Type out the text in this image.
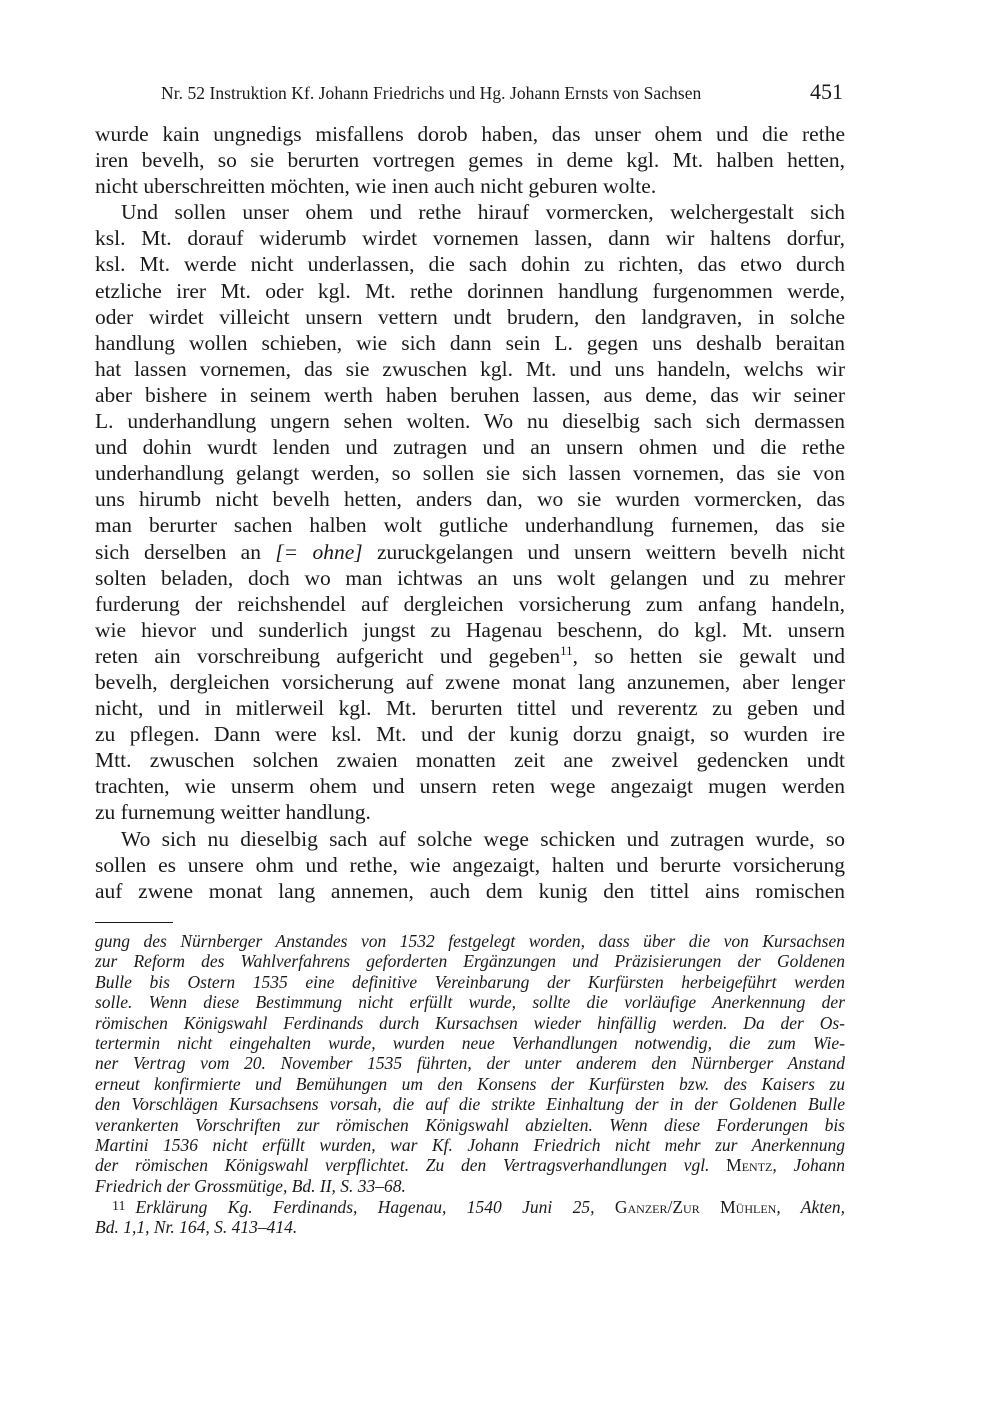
Nr. 52 Instruktion Kf. Johann Friedrichs und Hg. Johann Ernsts von Sachsen	451
wurde kain ungnedigs misfallens dorob haben, das unser ohem und die rethe
iren bevelh, so sie berurten vortregen gemes in deme kgl. Mt. halben hetten,
nicht uberschreitten möchten, wie inen auch nicht geburen wolte.
Und sollen unser ohem und rethe hirauf vormercken, welchergestalt sich
ksl. Mt. dorauf widerumb wirdet vornemen lassen, dann wir haltens dorfur,
ksl. Mt. werde nicht underlassen, die sach dohin zu richten, das etwo durch
etzliche irer Mt. oder kgl. Mt. rethe dorinnen handlung furgenommen werde,
oder wirdet villeicht unsern vettern undt brudern, den landgraven, in solche
handlung wollen schieben, wie sich dann sein L. gegen uns deshalb beraitan
hat lassen vornemen, das sie zwuschen kgl. Mt. und uns handeln, welchs wir
aber bishere in seinem werth haben beruhen lassen, aus deme, das wir seiner
L. underhandlung ungern sehen wolten. Wo nu dieselbig sach sich dermassen
und dohin wurdt lenden und zutragen und an unsern ohmen und die rethe
underhandlung gelangt werden, so sollen sie sich lassen vornemen, das sie von
uns hirumb nicht bevelh hetten, anders dan, wo sie wurden vormercken, das
man berurter sachen halben wolt gutliche underhandlung furnemen, das sie
sich derselben an [= ohne] zuruckgelangen und unsern weittern bevelh nicht
solten beladen, doch wo man ichtwas an uns wolt gelangen und zu mehrer
furderung der reichshendel auf dergleichen vorsicherung zum anfang handeln,
wie hievor und sunderlich jungst zu Hagenau beschenn, do kgl. Mt. unsern
reten ain vorschreibung aufgericht und gegeben$^{11}$, so hetten sie gewalt und
bevelh, dergleichen vorsicherung auf zwene monat lang anzunemen, aber lenger
nicht, und in mitlerweil kgl. Mt. berurten tittel und reverentz zu geben und
zu pflegen. Dann were ksl. Mt. und der kunig dorzu gnaigt, so wurden ire
Mtt. zwuschen solchen zwaien monatten zeit ane zweivel gedencken undt
trachten, wie unserm ohem und unsern reten wege angezaigt mugen werden
zu furnemung weitter handlung.
Wo sich nu dieselbig sach auf solche wege schicken und zutragen wurde, so
sollen es unsere ohm und rethe, wie angezaigt, halten und berurte vorsicherung
auf zwene monat lang annemen, auch dem kunig den tittel ains romischen
gung des Nürnberger Anstandes von 1532 festgelegt worden, dass über die von Kursachsen
zur Reform des Wahlverfahrens geforderten Ergänzungen und Präzisierungen der Goldenen
Bulle bis Ostern 1535 eine definitive Vereinbarung der Kurfürsten herbeigeführt werden
solle. Wenn diese Bestimmung nicht erfüllt wurde, sollte die vorläufige Anerkennung der
römischen Königswahl Ferdinands durch Kursachsen wieder hinfällig werden. Da der Os-
tertermin nicht eingehalten wurde, wurden neue Verhandlungen notwendig, die zum Wie-
ner Vertrag vom 20. November 1535 führten, der unter anderem den Nürnberger Anstand
erneut konfirmierte und Bemühungen um den Konsens der Kurfürsten bzw. des Kaisers zu
den Vorschlägen Kursachsens vorsah, die auf die strikte Einhaltung der in der Goldenen Bulle
verankerten Vorschriften zur römischen Königswahl abzielten. Wenn diese Forderungen bis
Martini 1536 nicht erfüllt wurden, war Kf. Johann Friedrich nicht mehr zur Anerkennung
der römischen Königswahl verpflichtet. Zu den Vertragsverhandlungen vgl. Mentz, Johann
Friedrich der Grossmütige, Bd. II, S. 33–68.
11 Erklärung Kg. Ferdinands, Hagenau, 1540 Juni 25, Ganzer/Zur Mühlen, Akten,
Bd. 1,1, Nr. 164, S. 413–414.
